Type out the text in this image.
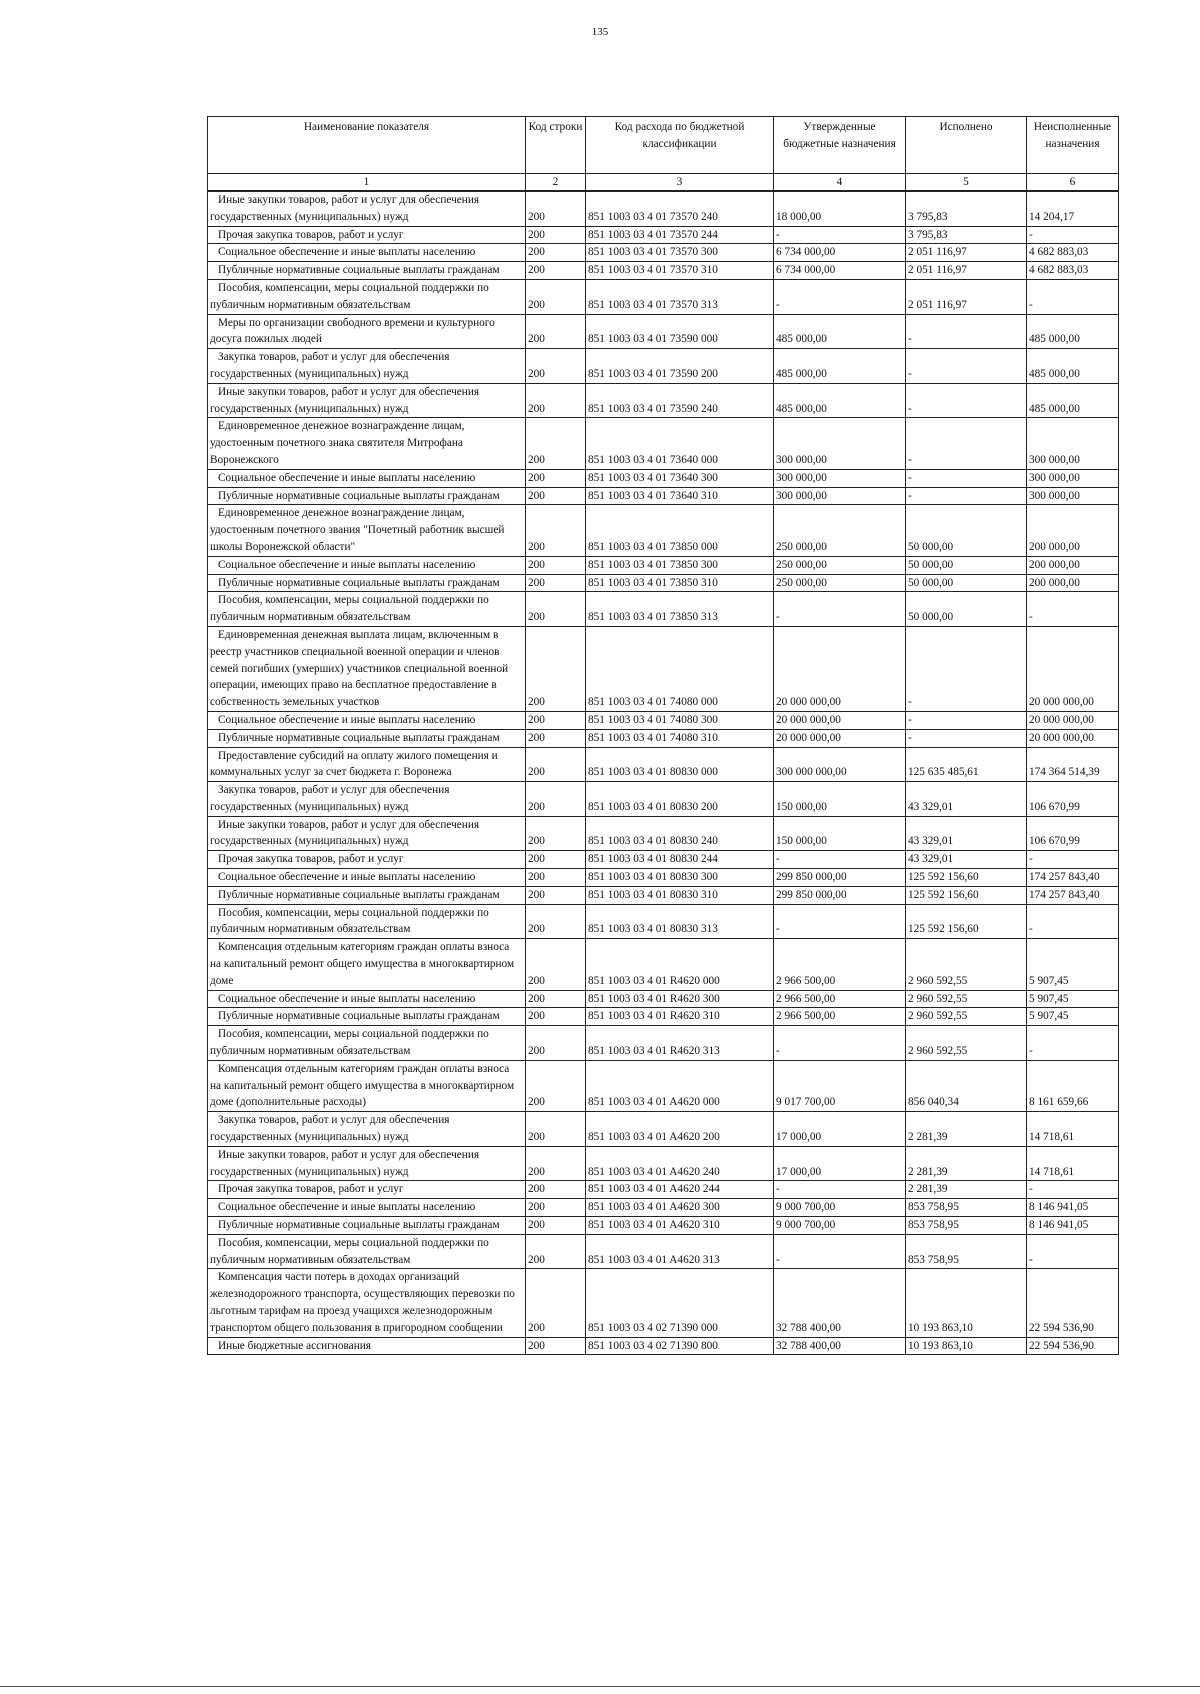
135
Наименование показателя	Код строки	Код расхода по бюджетной классификации	Утвержденные бюджетные назначения	Исполнено	Неисполненные назначения
1	2	3	4	5	6
Иные закупки товаров, работ и услуг для обеспечения государственных (муниципальных) нужд	200	851 1003 03 4 01 73570 240	18 000,00	3 795,83	14 204,17
Прочая закупка товаров, работ и услуг	200	851 1003 03 4 01 73570 244	-	3 795,83	-
Социальное обеспечение и иные выплаты населению	200	851 1003 03 4 01 73570 300	6 734 000,00	2 051 116,97	4 682 883,03
Публичные нормативные социальные выплаты гражданам	200	851 1003 03 4 01 73570 310	6 734 000,00	2 051 116,97	4 682 883,03
Пособия, компенсации, меры социальной поддержки по публичным нормативным обязательствам	200	851 1003 03 4 01 73570 313	-	2 051 116,97	-
Меры по организации свободного времени и культурного досуга пожилых людей	200	851 1003 03 4 01 73590 000	485 000,00	-	485 000,00
Закупка товаров, работ и услуг для обеспечения государственных (муниципальных) нужд	200	851 1003 03 4 01 73590 200	485 000,00	-	485 000,00
Иные закупки товаров, работ и услуг для обеспечения государственных (муниципальных) нужд	200	851 1003 03 4 01 73590 240	485 000,00	-	485 000,00
Единовременное денежное вознаграждение лицам, удостоенным почетного знака святителя Митрофана Воронежского	200	851 1003 03 4 01 73640 000	300 000,00	-	300 000,00
Социальное обеспечение и иные выплаты населению	200	851 1003 03 4 01 73640 300	300 000,00	-	300 000,00
Публичные нормативные социальные выплаты гражданам	200	851 1003 03 4 01 73640 310	300 000,00	-	300 000,00
Единовременное денежное вознаграждение лицам, удостоенным почетного звания "Почетный работник высшей школы Воронежской области"	200	851 1003 03 4 01 73850 000	250 000,00	50 000,00	200 000,00
Социальное обеспечение и иные выплаты населению	200	851 1003 03 4 01 73850 300	250 000,00	50 000,00	200 000,00
Публичные нормативные социальные выплаты гражданам	200	851 1003 03 4 01 73850 310	250 000,00	50 000,00	200 000,00
Пособия, компенсации, меры социальной поддержки по публичным нормативным обязательствам	200	851 1003 03 4 01 73850 313	-	50 000,00	-
Единовременная денежная выплата лицам, включенным в реестр участников специальной военной операции и членов семей погибших (умерших) участников специальной военной операции, имеющих право на бесплатное предоставление в собственность земельных участков	200	851 1003 03 4 01 74080 000	20 000 000,00	-	20 000 000,00
Социальное обеспечение и иные выплаты населению	200	851 1003 03 4 01 74080 300	20 000 000,00	-	20 000 000,00
Публичные нормативные социальные выплаты гражданам	200	851 1003 03 4 01 74080 310	20 000 000,00	-	20 000 000,00
Предоставление субсидий на оплату жилого помещения и коммунальных услуг за счет бюджета г. Воронежа	200	851 1003 03 4 01 80830 000	300 000 000,00	125 635 485,61	174 364 514,39
Закупка товаров, работ и услуг для обеспечения государственных (муниципальных) нужд	200	851 1003 03 4 01 80830 200	150 000,00	43 329,01	106 670,99
Иные закупки товаров, работ и услуг для обеспечения государственных (муниципальных) нужд	200	851 1003 03 4 01 80830 240	150 000,00	43 329,01	106 670,99
Прочая закупка товаров, работ и услуг	200	851 1003 03 4 01 80830 244	-	43 329,01	-
Социальное обеспечение и иные выплаты населению	200	851 1003 03 4 01 80830 300	299 850 000,00	125 592 156,60	174 257 843,40
Публичные нормативные социальные выплаты гражданам	200	851 1003 03 4 01 80830 310	299 850 000,00	125 592 156,60	174 257 843,40
Пособия, компенсации, меры социальной поддержки по публичным нормативным обязательствам	200	851 1003 03 4 01 80830 313	-	125 592 156,60	-
Компенсация отдельным категориям граждан оплаты взноса на капитальный ремонт общего имущества в многоквартирном доме	200	851 1003 03 4 01 R4620 000	2 966 500,00	2 960 592,55	5 907,45
Социальное обеспечение и иные выплаты населению	200	851 1003 03 4 01 R4620 300	2 966 500,00	2 960 592,55	5 907,45
Публичные нормативные социальные выплаты гражданам	200	851 1003 03 4 01 R4620 310	2 966 500,00	2 960 592,55	5 907,45
Пособия, компенсации, меры социальной поддержки по публичным нормативным обязательствам	200	851 1003 03 4 01 R4620 313	-	2 960 592,55	-
Компенсация отдельным категориям граждан оплаты взноса на капитальный ремонт общего имущества в многоквартирном доме (дополнительные расходы)	200	851 1003 03 4 01 A4620 000	9 017 700,00	856 040,34	8 161 659,66
Закупка товаров, работ и услуг для обеспечения государственных (муниципальных) нужд	200	851 1003 03 4 01 A4620 200	17 000,00	2 281,39	14 718,61
Иные закупки товаров, работ и услуг для обеспечения государственных (муниципальных) нужд	200	851 1003 03 4 01 A4620 240	17 000,00	2 281,39	14 718,61
Прочая закупка товаров, работ и услуг	200	851 1003 03 4 01 A4620 244	-	2 281,39	-
Социальное обеспечение и иные выплаты населению	200	851 1003 03 4 01 A4620 300	9 000 700,00	853 758,95	8 146 941,05
Публичные нормативные социальные выплаты гражданам	200	851 1003 03 4 01 A4620 310	9 000 700,00	853 758,95	8 146 941,05
Пособия, компенсации, меры социальной поддержки по публичным нормативным обязательствам	200	851 1003 03 4 01 A4620 313	-	853 758,95	-
Компенсация части потерь в доходах организаций железнодорожного транспорта, осуществляющих перевозки по льготным тарифам на проезд учащихся железнодорожным транспортом общего пользования в пригородном сообщении	200	851 1003 03 4 02 71390 000	32 788 400,00	10 193 863,10	22 594 536,90
Иные бюджетные ассигнования	200	851 1003 03 4 02 71390 800	32 788 400,00	10 193 863,10	22 594 536,90
